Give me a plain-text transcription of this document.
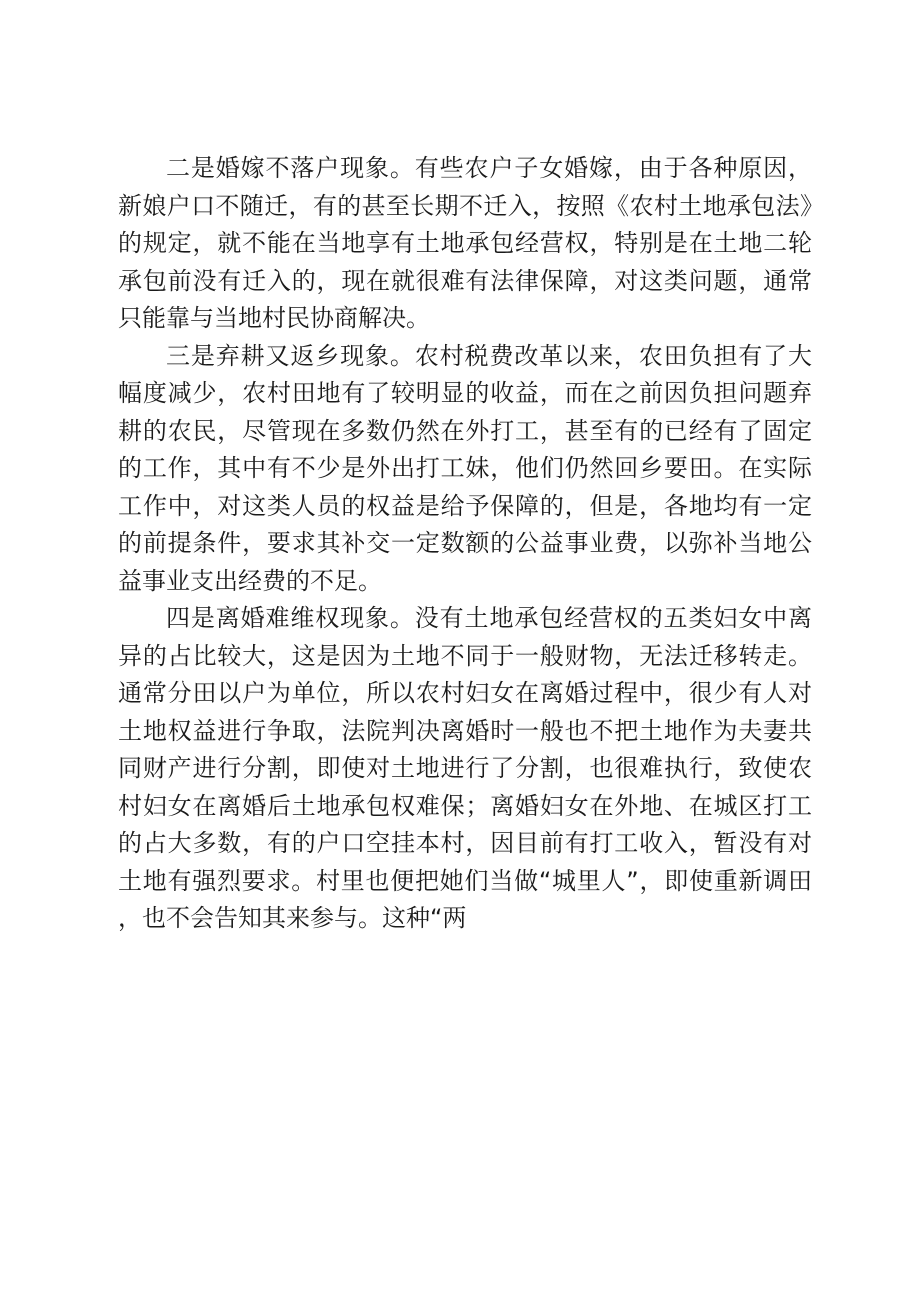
二是婚嫁不落户现象。有些农户子女婚嫁，由于各种原因，新娘户口不随迁，有的甚至长期不迁入，按照《农村土地承包法》的规定，就不能在当地享有土地承包经营权，特别是在土地二轮承包前没有迁入的，现在就很难有法律保障，对这类问题，通常只能靠与当地村民协商解决。

三是弃耕又返乡现象。农村税费改革以来，农田负担有了大幅度减少，农村田地有了较明显的收益，而在之前因负担问题弃耕的农民，尽管现在多数仍然在外打工，甚至有的已经有了固定的工作，其中有不少是外出打工妹，他们仍然回乡要田。在实际工作中，对这类人员的权益是给予保障的，但是，各地均有一定的前提条件，要求其补交一定数额的公益事业费，以弥补当地公益事业支出经费的不足。

四是离婚难维权现象。没有土地承包经营权的五类妇女中离异的占比较大，这是因为土地不同于一般财物，无法迁移转走。通常分田以户为单位，所以农村妇女在离婚过程中，很少有人对土地权益进行争取，法院判决离婚时一般也不把土地作为夫妻共同财产进行分割，即使对土地进行了分割，也很难执行，致使农村妇女在离婚后土地承包权难保；离婚妇女在外地、在城区打工的占大多数，有的户口空挂本村，因目前有打工收入，暂没有对土地有强烈要求。村里也便把她们当做“城里人”，即使重新调田，也不会告知其来参与。这种“两
